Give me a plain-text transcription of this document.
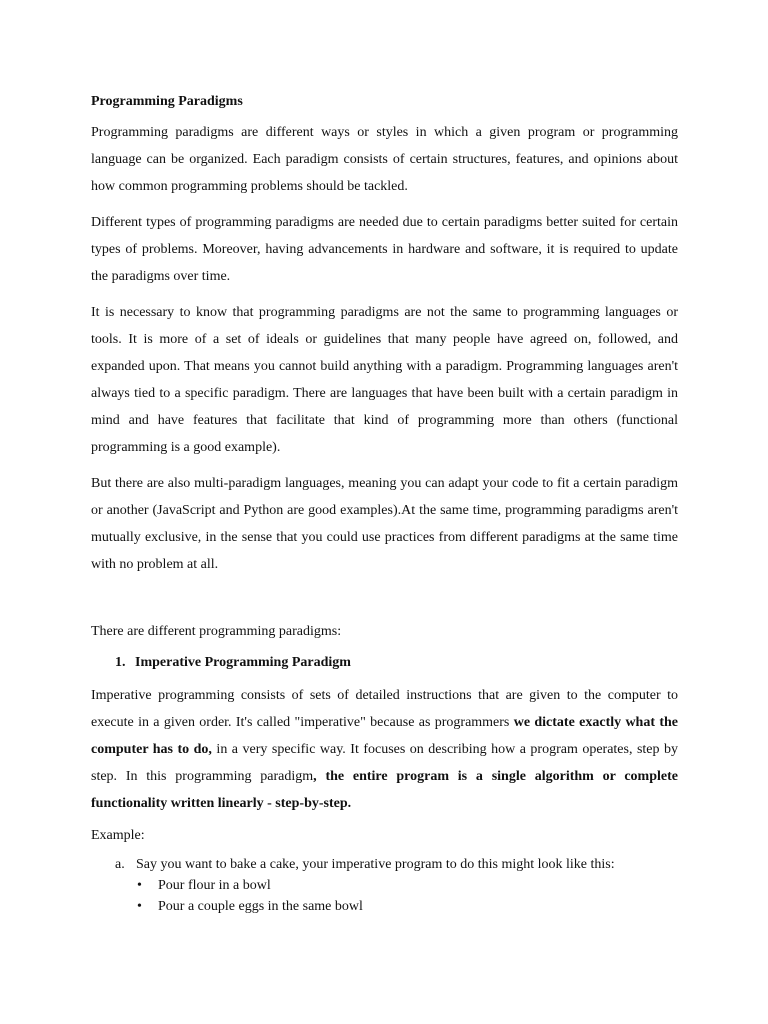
Programming Paradigms

Programming paradigms are different ways or styles in which a given program or programming language can be organized. Each paradigm consists of certain structures, features, and opinions about how common programming problems should be tackled.

Different types of programming paradigms are needed due to certain paradigms better suited for certain types of problems. Moreover, having advancements in hardware and software, it is required to update the paradigms over time.

It is necessary to know that programming paradigms are not the same to programming languages or tools. It is more of a set of ideals or guidelines that many people have agreed on, followed, and expanded upon. That means you cannot build anything with a paradigm. Programming languages aren't always tied to a specific paradigm. There are languages that have been built with a certain paradigm in mind and have features that facilitate that kind of programming more than others (functional programming is a good example).

But there are also multi-paradigm languages, meaning you can adapt your code to fit a certain paradigm or another (JavaScript and Python are good examples).At the same time, programming paradigms aren't mutually exclusive, in the sense that you could use practices from different paradigms at the same time with no problem at all.

There are different programming paradigms:
1. Imperative Programming Paradigm

Imperative programming consists of sets of detailed instructions that are given to the computer to execute in a given order. It's called "imperative" because as programmers we dictate exactly what the computer has to do, in a very specific way. It focuses on describing how a program operates, step by step. In this programming paradigm, the entire program is a single algorithm or complete functionality written linearly - step-by-step.

Example:
a. Say you want to bake a cake, your imperative program to do this might look like this:
• Pour flour in a bowl
• Pour a couple eggs in the same bowl
